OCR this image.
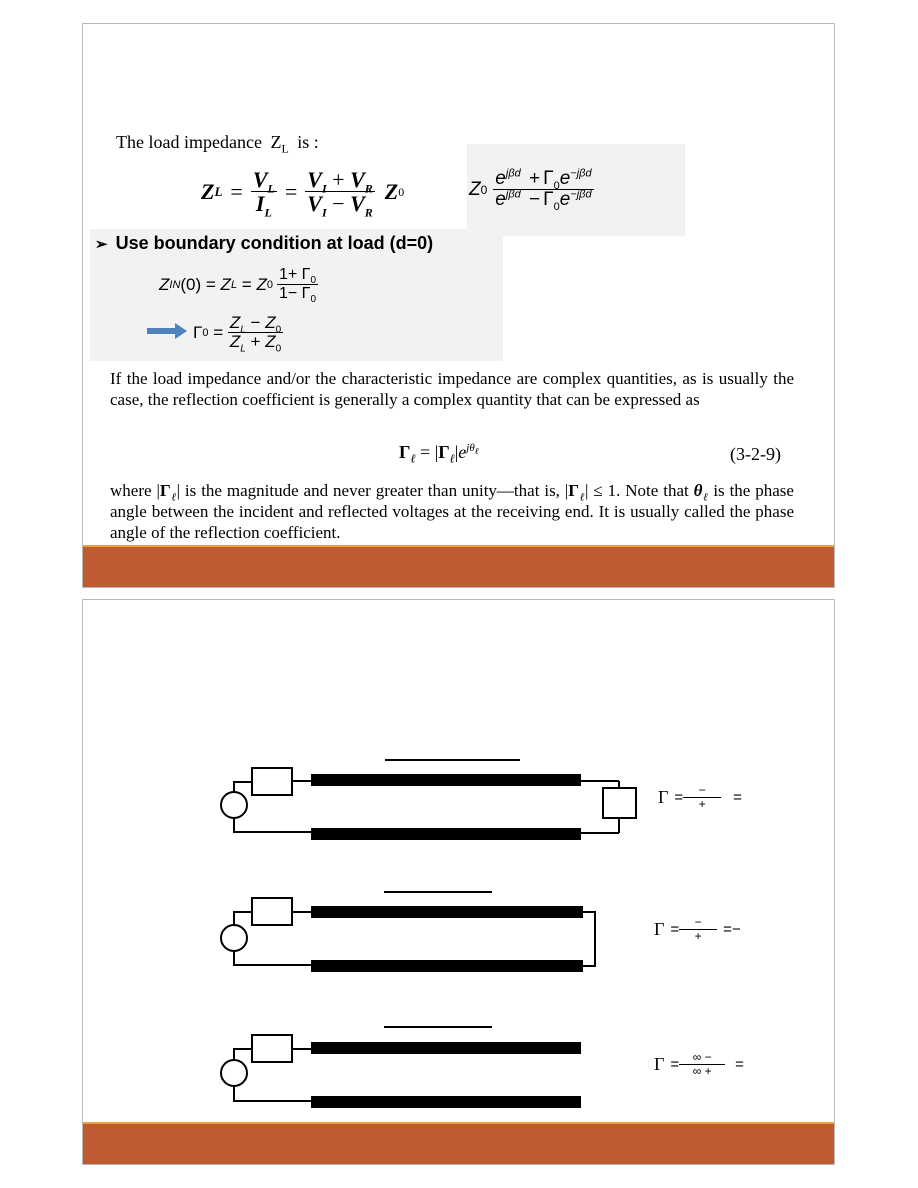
The load impedance $Z_L$ is :
Z $L = \frac{V_L}{I_L} = \frac{V_I + V_R}{V_I - V_R}$ Z 0	Z $0 \frac{e^{j\beta d} + \Gamma_0e^{-j\beta d}}{e^{j\beta d} - \Gamma_0e^{-j\beta d}}$
➢ Use boundary condition at load (d=0)
Z IN (0) = Z L = Z $0 \frac{1+ \Gamma_0}{1- \Gamma_0}$
Γ $0 = \frac{Z_L - Z_0}{Z_L + Z_0}$
If the load impedance and/or the characteristic impedance are complex quantities, as is usually the case, the reflection coefficient is generally a complex quantity that can be expressed as
$\Gamma_\ell = |\Gamma_\ell|e^{j\theta_\ell}$	(3-2-9)
where $|\Gamma_\ell|$ is the magnitude and never greater than unity—that is, $|\Gamma_\ell| \le 1$. Note that $\theta_\ell$ is the phase angle between the incident and reflected voltages at the receiving end. It is usually called the phase angle of the reflection coefficient.
$\Gamma = \frac{-}{+}$ =
$\Gamma = \frac{-}{+}$ = −
$\Gamma = \frac{\infty -}{\infty +}$ =
